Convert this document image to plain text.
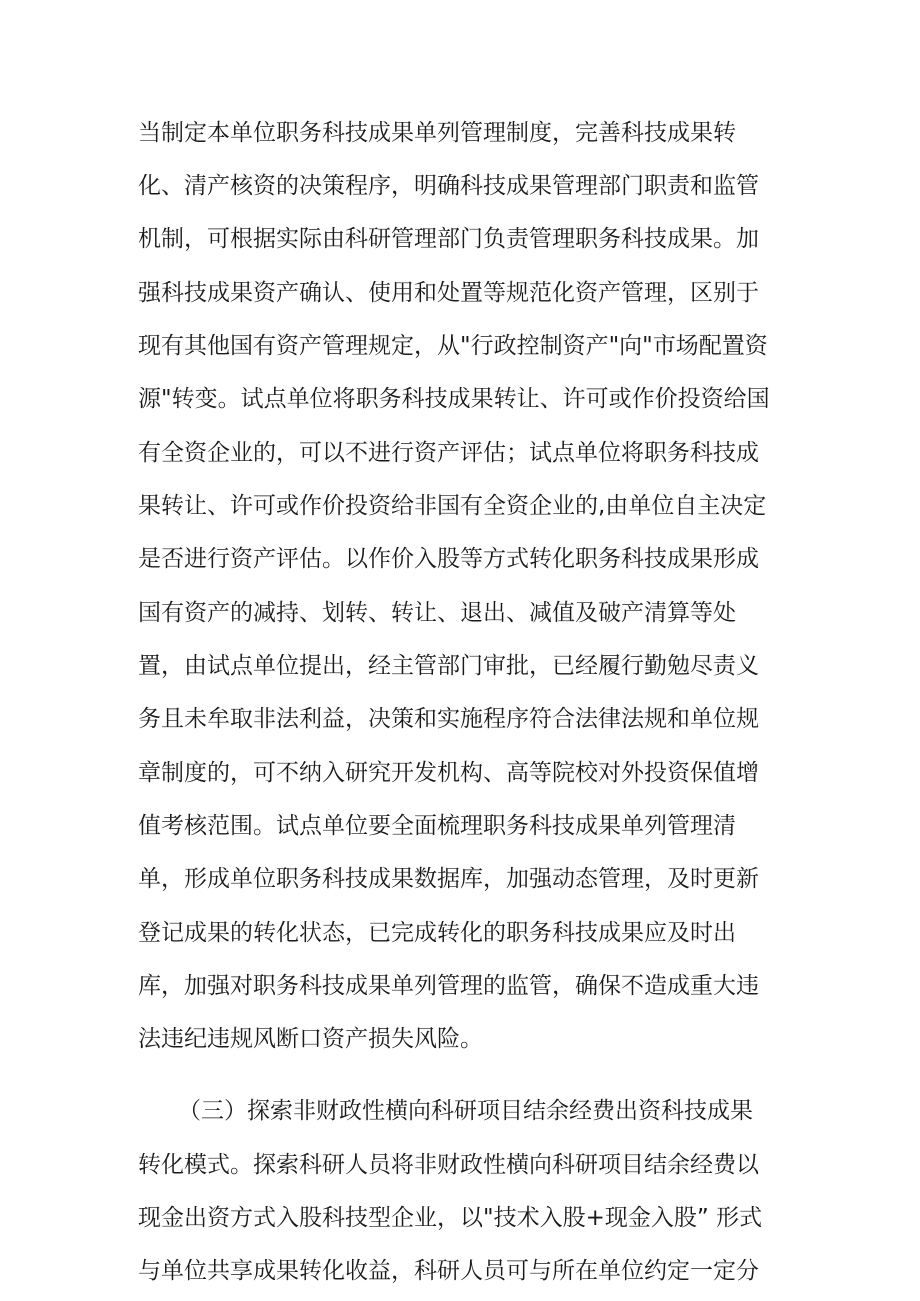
当制定本单位职务科技成果单列管理制度，完善科技成果转
化、清产核资的决策程序，明确科技成果管理部门职责和监管
机制，可根据实际由科研管理部门负责管理职务科技成果。加
强科技成果资产确认、使用和处置等规范化资产管理，区别于
现有其他国有资产管理规定，从"行政控制资产"向"市场配置资
源"转变。试点单位将职务科技成果转让、许可或作价投资给国
有全资企业的，可以不进行资产评估；试点单位将职务科技成
果转让、许可或作价投资给非国有全资企业的,由单位自主决定
是否进行资产评估。以作价入股等方式转化职务科技成果形成
国有资产的减持、划转、转让、退出、减值及破产清算等处
置，由试点单位提出，经主管部门审批，已经履行勤勉尽责义
务且未牟取非法利益，决策和实施程序符合法律法规和单位规
章制度的，可不纳入研究开发机构、高等院校对外投资保值增
值考核范围。试点单位要全面梳理职务科技成果单列管理清
单，形成单位职务科技成果数据库，加强动态管理，及时更新
登记成果的转化状态，已完成转化的职务科技成果应及时出
库，加强对职务科技成果单列管理的监管，确保不造成重大违
法违纪违规风断口资产损失风险。
（三）探索非财政性横向科研项目结余经费出资科技成果
转化模式。探索科研人员将非财政性横向科研项目结余经费以
现金出资方式入股科技型企业，以"技术入股+现金入股” 形式
与单位共享成果转化收益，科研人员可与所在单位约定一定分
